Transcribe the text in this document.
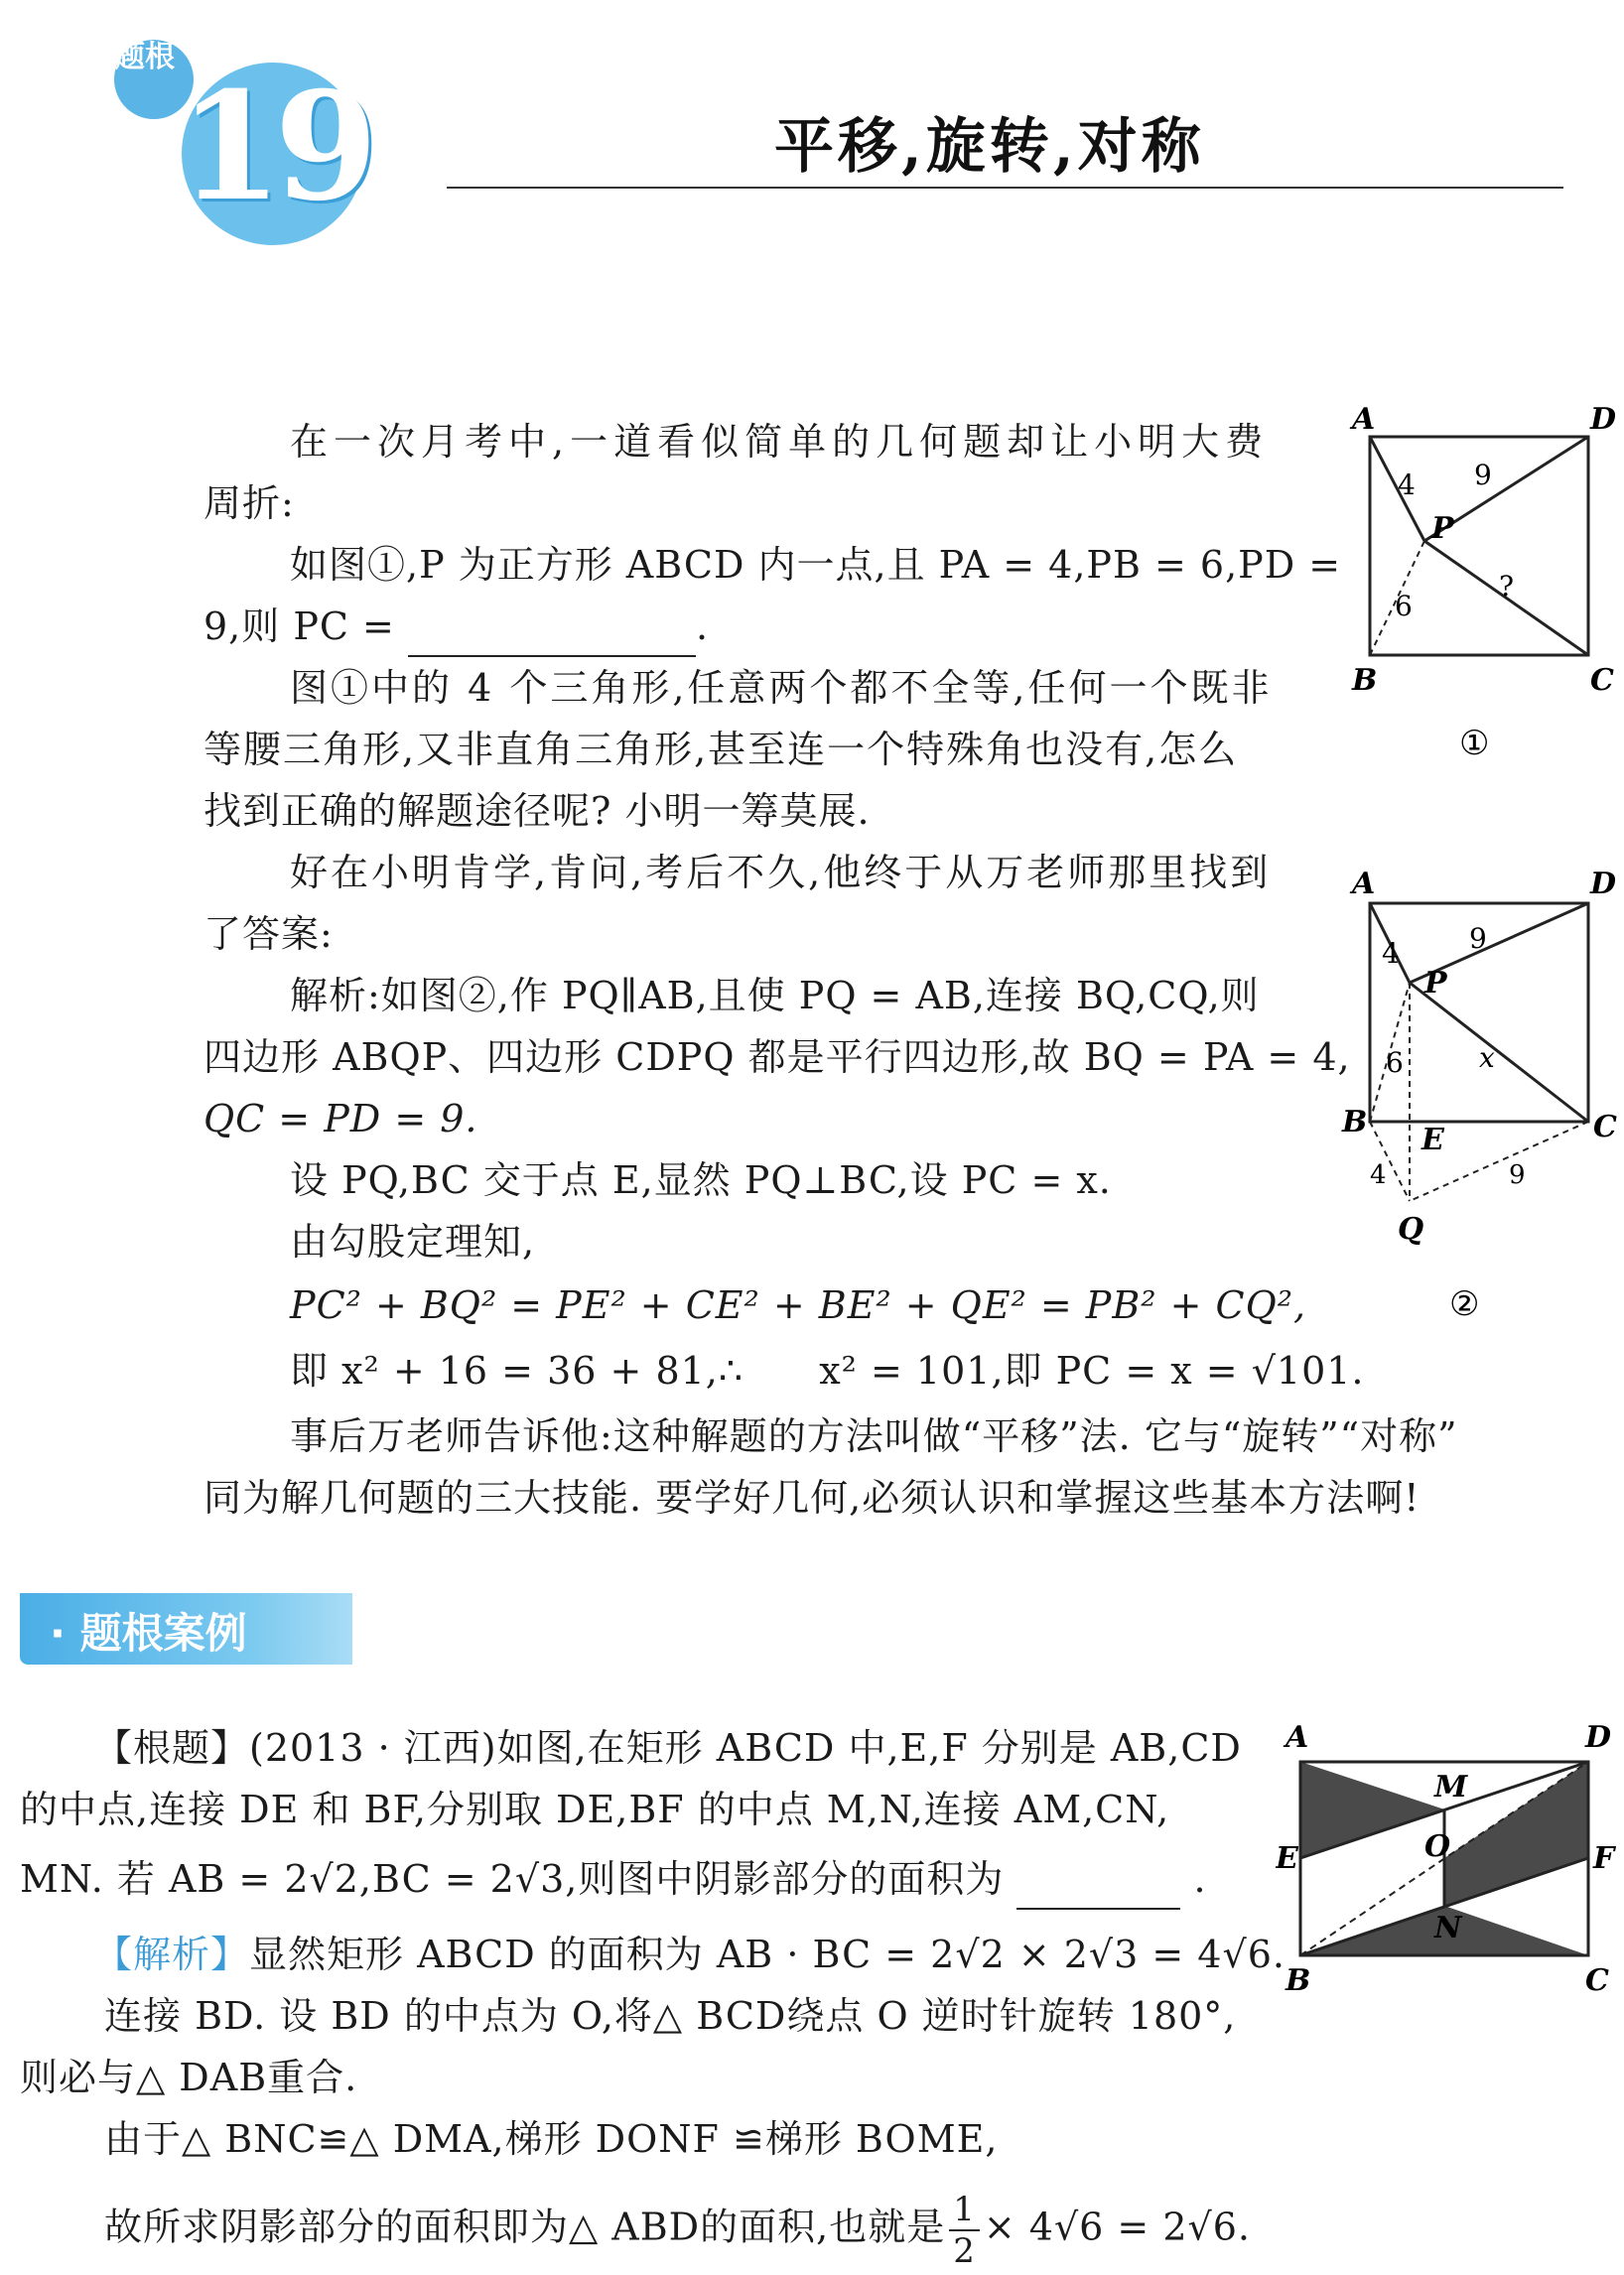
题根
19	平移,旋转,对称
在一次月考中,一道看似简单的几何题却让小明大费
周折:
如图①,P 为正方形 ABCD 内一点,且 PA = 4,PB = 6,PD =
9,则 PC =	.
图①中的 4 个三角形,任意两个都不全等,任何一个既非
等腰三角形,又非直角三角形,甚至连一个特殊角也没有,怎么
找到正确的解题途径呢? 小明一筹莫展.
好在小明肯学,肯问,考后不久,他终于从万老师那里找到
了答案:
解析:如图②,作 PQ∥AB,且使 PQ = AB,连接 BQ,CQ,则
四边形 ABQP、四边形 CDPQ 都是平行四边形,故 BQ = PA = 4,
QC = PD = 9.
设 PQ,BC 交于点 E,显然 PQ⊥BC,设 PC = x.
由勾股定理知,
PC² + BQ² = PE² + CE² + BE² + QE² = PB² + CQ²,
即 x² + 16 = 36 + 81,∴ x² = 101,即 PC = x = √101.
事后万老师告诉他:这种解题的方法叫做“平移”法. 它与“旋转”“对称”
同为解几何题的三大技能. 要学好几何,必须认识和掌握这些基本方法啊!
A	D
B	C
P
4 9
6
?
①
A	D
B	C
P
E
Q
4	9
6	x
4	9
②
· 题根案例
【根题】(2013 · 江西)如图,在矩形 ABCD 中,E,F 分别是 AB,CD
的中点,连接 DE 和 BF,分别取 DE,BF 的中点 M,N,连接 AM,CN,
MN. 若 AB = 2√2,BC = 2√3,则图中阴影部分的面积为	.
【解析】显然矩形 ABCD 的面积为 AB · BC = 2√2 × 2√3 = 4√6.
连接 BD. 设 BD 的中点为 O,将△ BCD绕点 O 逆时针旋转 180°,
则必与△ DAB重合.
由于△ BNC≌△ DMA,梯形 DONF ≌梯形 BOME,
故所求阴影部分的面积即为△ ABD的面积,也就是 $\frac{1}{2} \times 4√6 = 2√6$.
A	D
B	C
E	F
M
O
N
